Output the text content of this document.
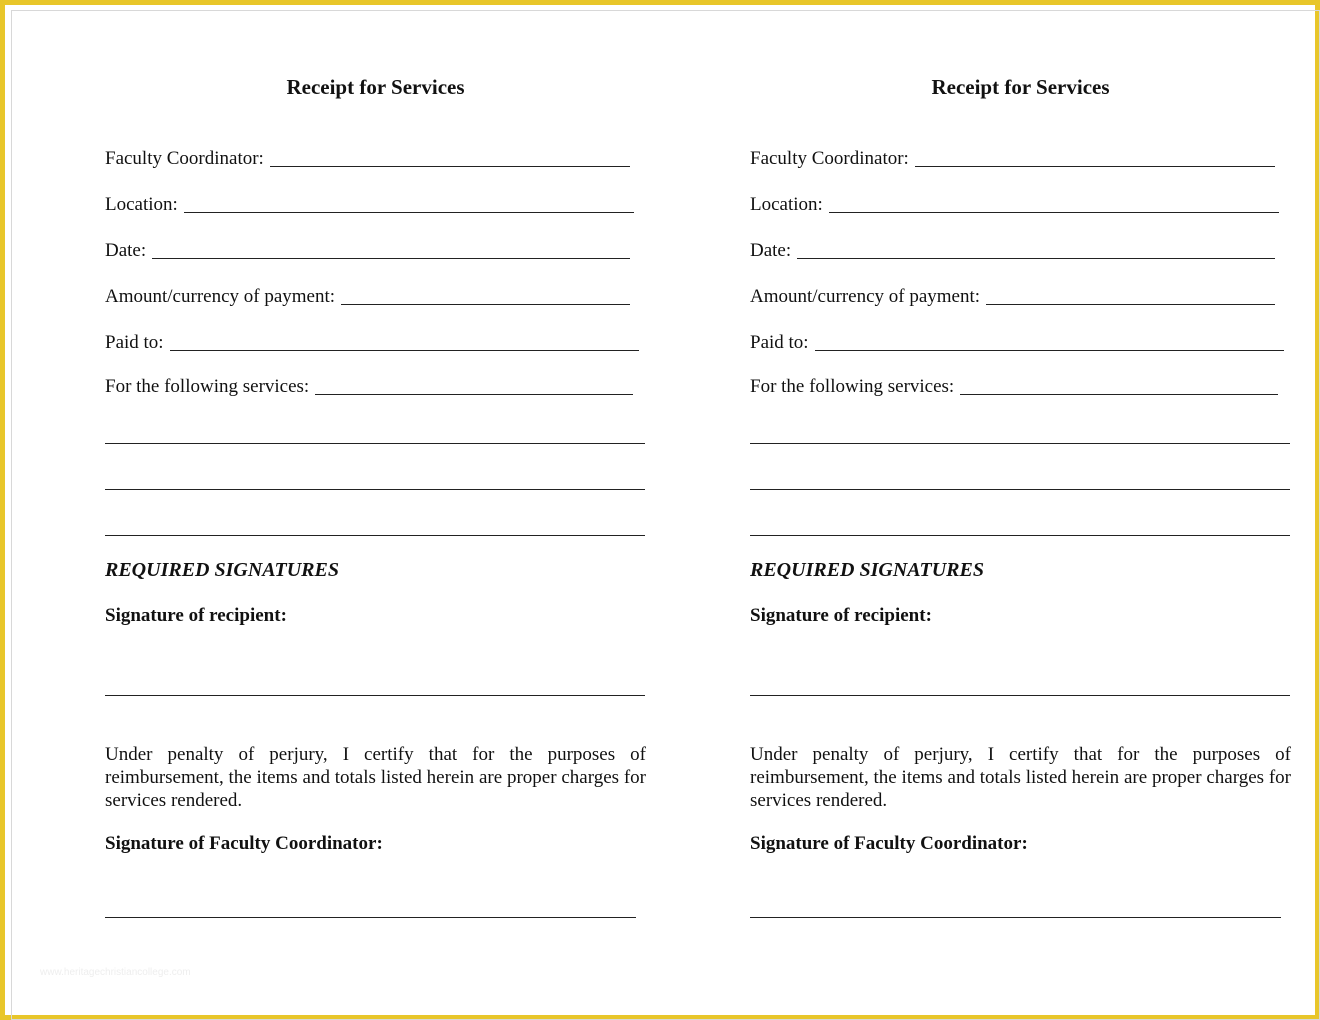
Receipt for Services
Faculty Coordinator:
Location:
Date:
Amount/currency of payment:
Paid to:
For the following services:
REQUIRED SIGNATURES
Signature of recipient:
Under penalty of perjury, I certify that for the purposes of reimbursement, the items and totals listed herein are proper charges for services rendered.
Signature of Faculty Coordinator:
Receipt for Services
Faculty Coordinator:
Location:
Date:
Amount/currency of payment:
Paid to:
For the following services:
REQUIRED SIGNATURES
Signature of recipient:
Under penalty of perjury, I certify that for the purposes of reimbursement, the items and totals listed herein are proper charges for services rendered.
Signature of Faculty Coordinator:
www.heritagechristiancollege.com
